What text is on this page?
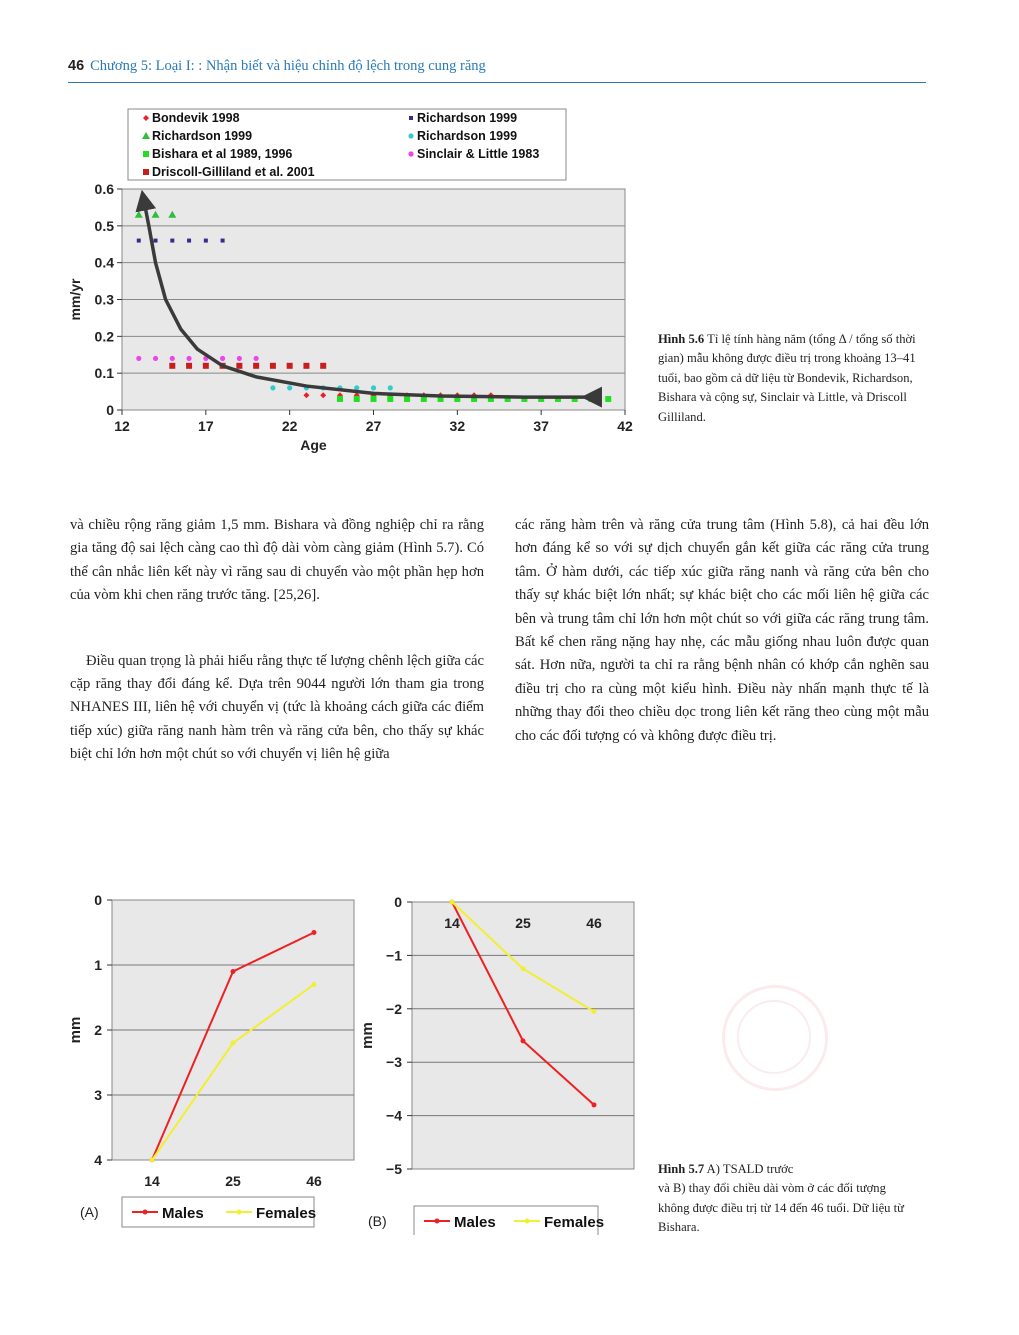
46 Chương 5: Loại I: : Nhận biết và hiệu chỉnh độ lệch trong cung răng
0
0.1
0.2
0.3
0.4
0.5
0.6
12	17	22	27	32	37	42
Age
mm/yr
Bondevik 1998
Richardson 1999
Bishara et al 1989, 1996
Driscoll-Gilliland et al. 2001
Richardson 1999
Richardson 1999
Sinclair & Little 1983
Hình 5.6 Tỉ lệ tính hàng năm (tổng Δ / tổng số thời gian) mẫu không được điều trị trong khoảng 13–41 tuổi, bao gồm cả dữ liệu từ Bondevik, Richardson, Bishara và cộng sự, Sinclair và Little, và Driscoll Gilliland.

và chiều rộng răng giảm 1,5 mm. Bishara và đồng nghiệp chỉ ra rằng gia tăng độ sai lệch càng cao thì độ dài vòm càng giảm (Hình 5.7). Có thể cân nhắc liên kết này vì răng sau di chuyển vào một phần hẹp hơn của vòm khi chen răng trước tăng. [25,26].

Điều quan trọng là phải hiểu rằng thực tế lượng chênh lệch giữa các cặp răng thay đổi đáng kể. Dựa trên 9044 người lớn tham gia trong NHANES III, liên hệ với chuyển vị (tức là khoảng cách giữa các điểm tiếp xúc) giữa răng nanh hàm trên và răng cửa bên, cho thấy sự khác biệt chỉ lớn hơn một chút so với chuyển vị liên hệ giữa

các răng hàm trên và răng cửa trung tâm (Hình 5.8), cả hai đều lớn hơn đáng kể so với sự dịch chuyển gắn kết giữa các răng cửa trung tâm. Ở hàm dưới, các tiếp xúc giữa răng nanh và răng cửa bên cho thấy sự khác biệt lớn nhất; sự khác biệt cho các mối liên hệ giữa các bên và trung tâm chỉ lớn hơn một chút so với giữa các răng trung tâm. Bất kể chen răng nặng hay nhẹ, các mẫu giống nhau luôn được quan sát. Hơn nữa, người ta chỉ ra rằng bệnh nhân có khớp cắn nghẽn sau điều trị cho ra cùng một kiểu hình. Điều này nhấn mạnh thực tế là những thay đổi theo chiều dọc trong liên kết răng theo cùng một mẫu cho các đối tượng có và không được điều trị.

0
1
2
3
4
14	25	46
mm
(A)	Males	Females
0
−1
−2
−3
−4
−5
14	25	46
mm
(B)	Males	Females
Hình 5.7 A) TSALD trước
và B) thay đổi chiều dài vòm ở các đối tượng không được điều trị từ 14 đến 46 tuổi. Dữ liệu từ Bishara.
